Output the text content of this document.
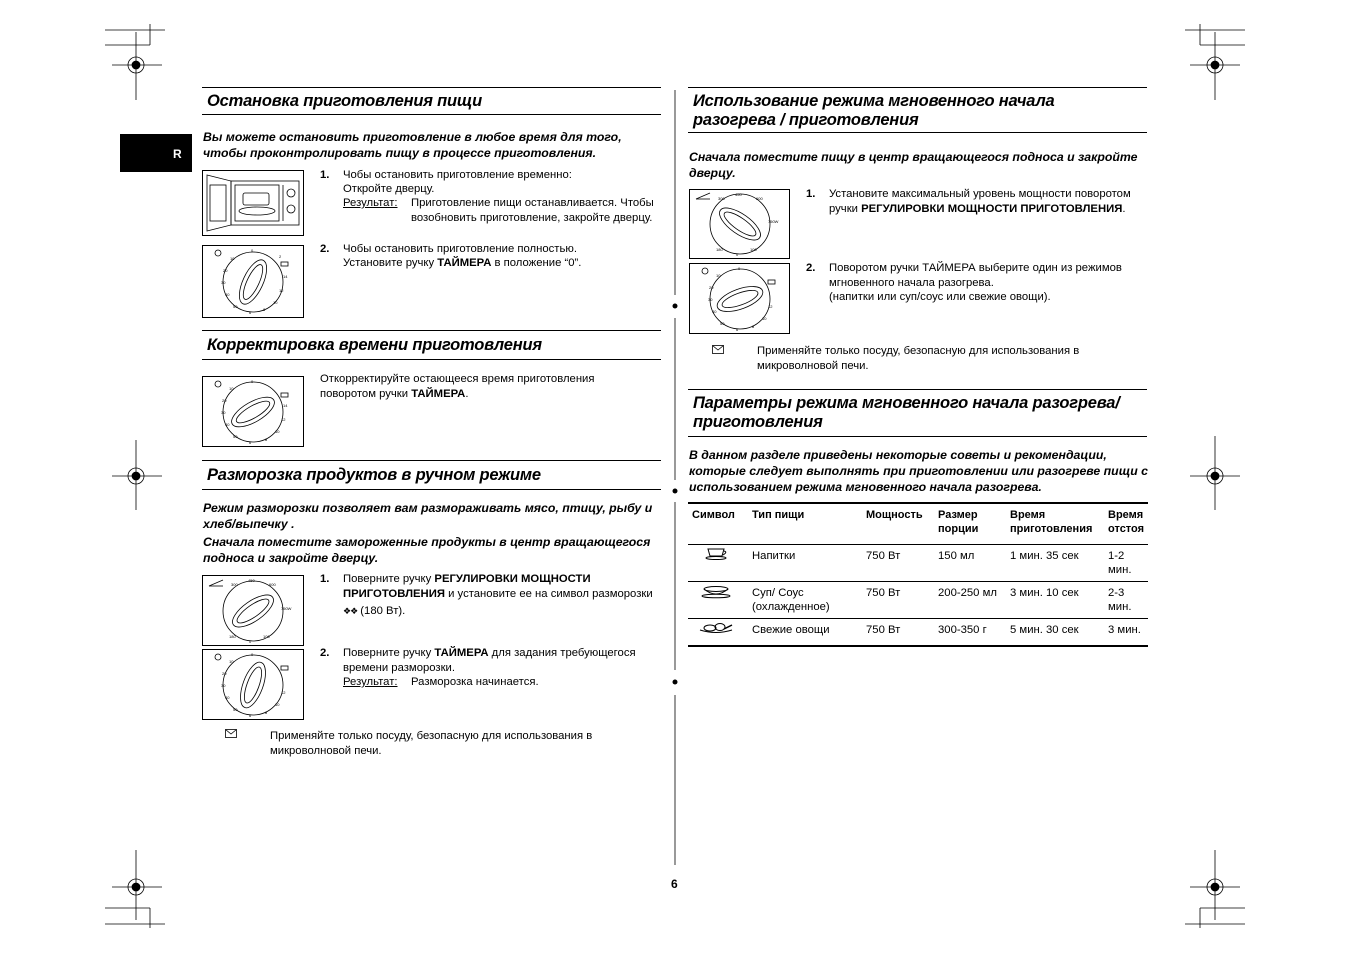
R
Остановка приготовления пищи
Вы можете остановить приготовление в любое время для того, чтобы проконтролировать пищу в процессе приготовления.
1. Чобы остановить приготовление временно:
Откройте дверцу.
Результат: Приготовление пищи останавливается. Чтобы возобновить приготовление, закройте дверцу.
0
10
20
30
40
50
6
8
10
12
14
2
2. Чобы остановить приготовление полностью.
Установите ручку ТАЙМЕРА в положение “0”.
Корректировка времени приготовления
0
10
20
30
40
50
6
8
10
12
14
Откорректируйте остающееся время приготовления поворотом ручки ТАЙМЕРА.
Разморозка продуктов в ручном режиме
Режим разморозки позволяет вам размораживать мясо, птицу, рыбу и хлеб/выпечку .
Сначала поместите замороженные продукты в центр вращающегося подноса и закройте дверцу.
450
300	600
750W
180	100
0
0
10
20
30
40
50
6
8
10
12
1. Поверните ручку РЕГУЛИРОВКИ МОЩНОСТИ ПРИГОТОВЛЕНИЯ и установите ее на символ разморозки
❖❖ (180 Вт).
2. Поверните ручку ТАЙМЕРА для задания требующегося времени разморозки.
Результат: Разморозка начинается.
Применяйте только посуду, безопасную для использования в микроволновой печи.
Использование режима мгновенного начала
разогрева / приготовления
Сначала поместите пищу в центр вращающегося подноса и закройте дверцу.
450
300	600
750W
180	100
0
0
10
20
30
40
50
6
8
10
12
1. Установите максимальный уровень мощности поворотом ручки РЕГУЛИРОВКИ МОЩНОСТИ ПРИГОТОВЛЕНИЯ.
2. Поворотом ручки ТАЙМЕРА выберите один из режимов мгновенного начала разогрева.
(напитки или суп/соус или свежие овощи).
Применяйте только посуду, безопасную для использования в микроволновой печи.
Параметры режима мгновенного начала разогрева/
приготовления
В данном разделе приведены некоторые советы и рекомендации, которые следует выполнять при приготовлении или разогреве пищи с использованием режима мгновенного начала разогрева.
Символ	Тип пищи	Мощность	Размер порции	Время приготовления	Время отстоя
	Напитки	750 Вт	150 мл	1 мин. 35 сек	1-2 мин.
	Суп/ Соус (охлажденное)	750 Вт	200-250 мл	3 мин. 10 сек	2-3 мин.
	Свежие овощи	750 Вт	300-350 г	5 мин. 30 сек	3 мин.
6
